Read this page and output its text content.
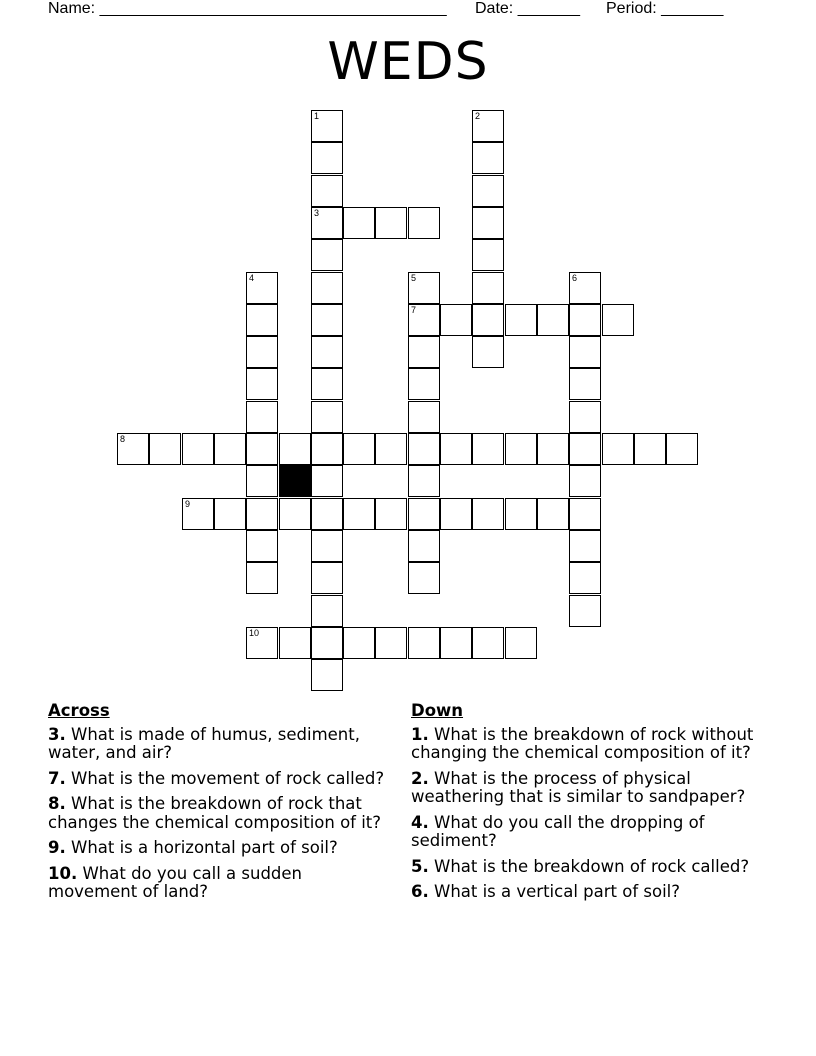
Name: _______________________________________ Date: _______ Period: _______
WEDS
1
3
2
4	5
7
6
8
9
10
Across
3. What is made of humus, sediment, water, and air?
7. What is the movement of rock called?
8. What is the breakdown of rock that changes the chemical composition of it?
9. What is a horizontal part of soil?
10. What do you call a sudden movement of land?
Down
1. What is the breakdown of rock without changing the chemical composition of it?
2. What is the process of physical weathering that is similar to sandpaper?
4. What do you call the dropping of sediment?
5. What is the breakdown of rock called?
6. What is a vertical part of soil?
